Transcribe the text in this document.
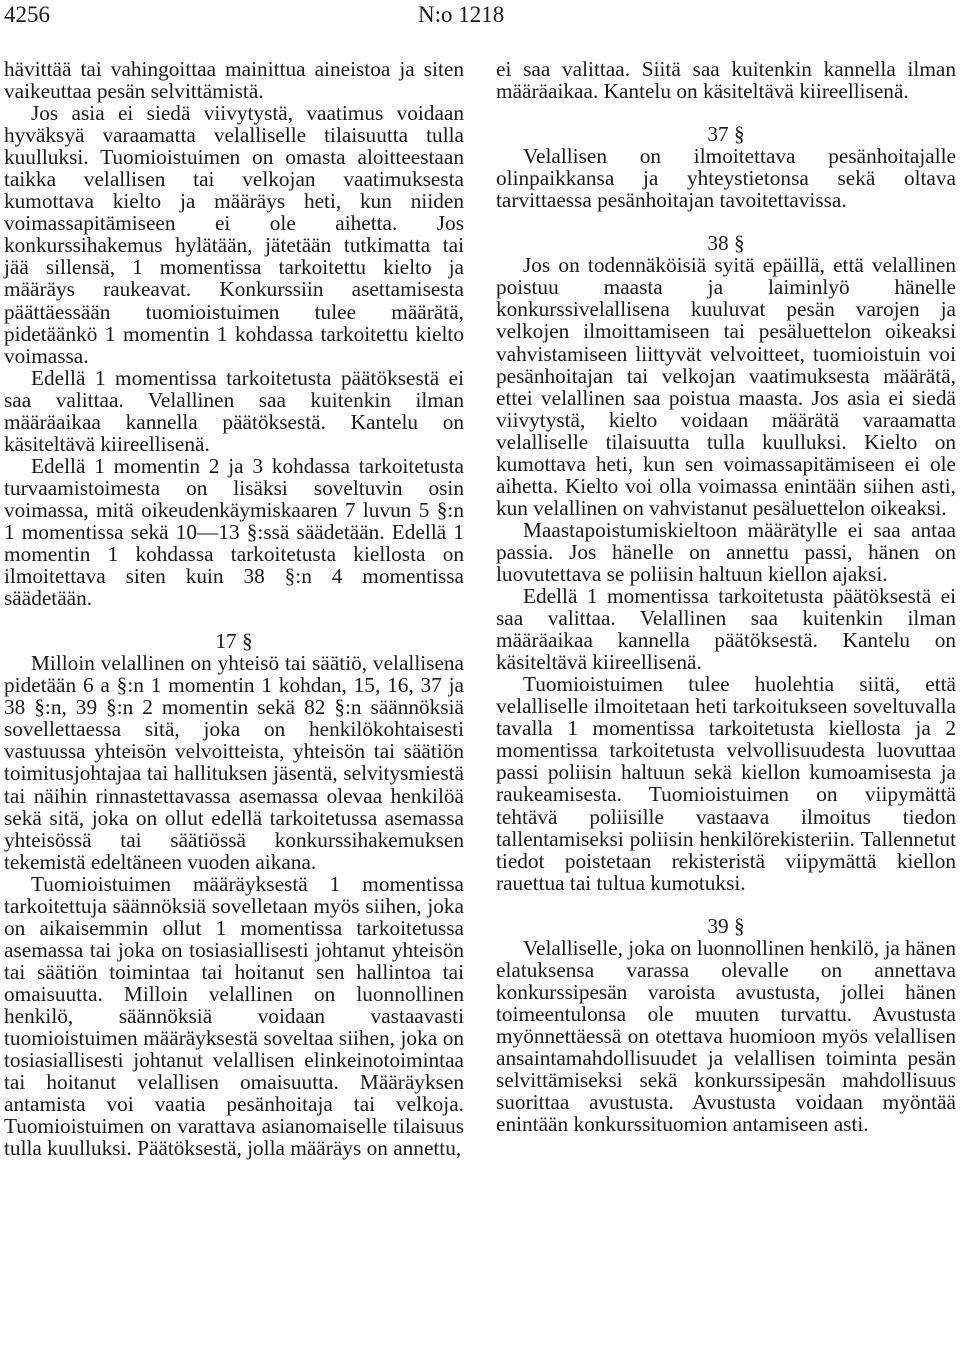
4256	N:o 1218

hävittää tai vahingoittaa mainittua aineistoa ja siten vaikeuttaa pesän selvittämistä.

Jos asia ei siedä viivytystä, vaatimus voidaan hyväksyä varaamatta velalliselle tilaisuutta tulla kuulluksi. Tuomioistuimen on omasta aloitteestaan taikka velallisen tai velkojan vaatimuksesta kumottava kielto ja määräys heti, kun niiden voimassapitämiseen ei ole aihetta. Jos konkurssihakemus hylätään, jätetään tutkimatta tai jää sillensä, 1 momentissa tarkoitettu kielto ja määräys raukeavat. Konkurssiin asettamisesta päättäessään tuomioistuimen tulee määrätä, pidetäänkö 1 momentin 1 kohdassa tarkoitettu kielto voimassa.

Edellä 1 momentissa tarkoitetusta päätöksestä ei saa valittaa. Velallinen saa kuitenkin ilman määräaikaa kannella päätöksestä. Kantelu on käsiteltävä kiireellisenä.

Edellä 1 momentin 2 ja 3 kohdassa tarkoitetusta turvaamistoimesta on lisäksi soveltuvin osin voimassa, mitä oikeudenkäymiskaaren 7 luvun 5 §:n 1 momentissa sekä 10—13 §:ssä säädetään. Edellä 1 momentin 1 kohdassa tarkoitetusta kiellosta on ilmoitettava siten kuin 38 §:n 4 momentissa säädetään.

17 §

Milloin velallinen on yhteisö tai säätiö, velallisena pidetään 6 a §:n 1 momentin 1 kohdan, 15, 16, 37 ja 38 §:n, 39 §:n 2 momentin sekä 82 §:n säännöksiä sovellettaessa sitä, joka on henkilökohtaisesti vastuussa yhteisön velvoitteista, yhteisön tai säätiön toimitusjohtajaa tai hallituksen jäsentä, selvitysmiestä tai näihin rinnastettavassa asemassa olevaa henkilöä sekä sitä, joka on ollut edellä tarkoitetussa asemassa yhteisössä tai säätiössä konkurssihakemuksen tekemistä edeltäneen vuoden aikana.

Tuomioistuimen määräyksestä 1 momentissa tarkoitettuja säännöksiä sovelletaan myös siihen, joka on aikaisemmin ollut 1 momentissa tarkoitetussa asemassa tai joka on tosiasiallisesti johtanut yhteisön tai säätiön toimintaa tai hoitanut sen hallintoa tai omaisuutta. Milloin velallinen on luonnollinen henkilö, säännöksiä voidaan vastaavasti tuomioistuimen määräyksestä soveltaa siihen, joka on tosiasiallisesti johtanut velallisen elinkeinotoimintaa tai hoitanut velallisen omaisuutta. Määräyksen antamista voi vaatia pesänhoitaja tai velkoja. Tuomioistuimen on varattava asianomaiselle tilaisuus tulla kuulluksi. Päätöksestä, jolla määräys on annettu,

ei saa valittaa. Siitä saa kuitenkin kannella ilman määräaikaa. Kantelu on käsiteltävä kiireellisenä.

37 §

Velallisen on ilmoitettava pesänhoitajalle olinpaikkansa ja yhteystietonsa sekä oltava tarvittaessa pesänhoitajan tavoitettavissa.

38 §

Jos on todennäköisiä syitä epäillä, että velallinen poistuu maasta ja laiminlyö hänelle konkurssivelallisena kuuluvat pesän varojen ja velkojen ilmoittamiseen tai pesäluettelon oikeaksi vahvistamiseen liittyvät velvoitteet, tuomioistuin voi pesänhoitajan tai velkojan vaatimuksesta määrätä, ettei velallinen saa poistua maasta. Jos asia ei siedä viivytystä, kielto voidaan määrätä varaamatta velalliselle tilaisuutta tulla kuulluksi. Kielto on kumottava heti, kun sen voimassapitämiseen ei ole aihetta. Kielto voi olla voimassa enintään siihen asti, kun velallinen on vahvistanut pesäluettelon oikeaksi.

Maastapoistumiskieltoon määrätylle ei saa antaa passia. Jos hänelle on annettu passi, hänen on luovutettava se poliisin haltuun kiellon ajaksi.

Edellä 1 momentissa tarkoitetusta päätöksestä ei saa valittaa. Velallinen saa kuitenkin ilman määräaikaa kannella päätöksestä. Kantelu on käsiteltävä kiireellisenä.

Tuomioistuimen tulee huolehtia siitä, että velalliselle ilmoitetaan heti tarkoitukseen soveltuvalla tavalla 1 momentissa tarkoitetusta kiellosta ja 2 momentissa tarkoitetusta velvollisuudesta luovuttaa passi poliisin haltuun sekä kiellon kumoamisesta ja raukeamisesta. Tuomioistuimen on viipymättä tehtävä poliisille vastaava ilmoitus tiedon tallentamiseksi poliisin henkilörekisteriin. Tallennetut tiedot poistetaan rekisteristä viipymättä kiellon rauettua tai tultua kumotuksi.

39 §

Velalliselle, joka on luonnollinen henkilö, ja hänen elatuksensa varassa olevalle on annettava konkurssipesän varoista avustusta, jollei hänen toimeentulonsa ole muuten turvattu. Avustusta myönnettäessä on otettava huomioon myös velallisen ansaintamahdollisuudet ja velallisen toiminta pesän selvittämiseksi sekä konkurssipesän mahdollisuus suorittaa avustusta. Avustusta voidaan myöntää enintään konkurssituomion antamiseen asti.
